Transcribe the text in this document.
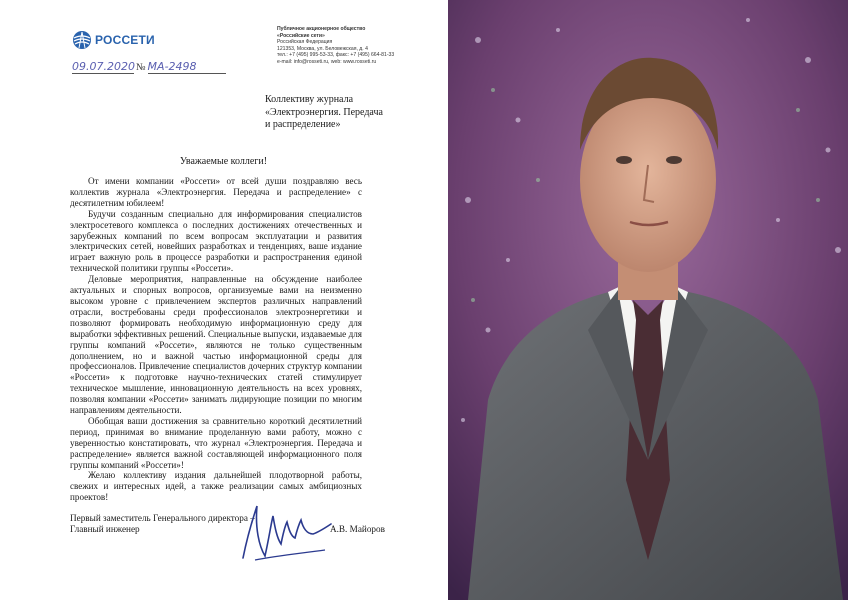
РОССЕТИ
Публичное акционерное общество
«Российские сети»
Российская Федерация
121353, Москва, ул. Беловежская, д. 4
тел.: +7 (495) 995-53-33, факс: +7 (495) 664-81-33
e-mail: info@rosseti.ru, web: www.rosseti.ru
09.07.2020№ МА-2498
Коллективу журнала
«Электроэнергия. Передача
и распределение»
Уважаемые коллеги!

От имени компании «Россети» от всей души поздравляю весь коллектив журнала «Электроэнергия. Передача и распределение» с десятилетним юбилеем!

Будучи созданным специально для информирования специалистов электросетевого комплекса о последних достижениях отечественных и зарубежных компаний по всем вопросам эксплуатации и развития электрических сетей, новейших разработках и тенденциях, ваше издание играет важную роль в процессе разработки и распространения единой технической политики группы «Россети».

Деловые мероприятия, направленные на обсуждение наиболее актуальных и спорных вопросов, организуемые вами на неизменно высоком уровне с привлечением экспертов различных направлений отрасли, востребованы среди профессионалов электроэнергетики и позволяют формировать необходимую информационную среду для выработки эффективных решений. Специальные выпуски, издаваемые для группы компаний «Россети», являются не только существенным дополнением, но и важной частью информационной среды для профессионалов. Привлечение специалистов дочерних структур компании «Россети» к подготовке научно-технических статей стимулирует техническое мышление, инновационную деятельность на всех уровнях, позволяя компании «Россети» занимать лидирующие позиции по многим направлениям деятельности.

Обобщая ваши достижения за сравнительно короткий десятилетний период, принимая во внимание проделанную вами работу, можно с уверенностью констатировать, что журнал «Электроэнергия. Передача и распределение» является важной составляющей информационного поля группы компаний «Россети»!

Желаю коллективу издания дальнейшей плодотворной работы, свежих и интересных идей, а также реализации самых амбициозных проектов!

Первый заместитель Генерального директора –
Главный инженер	А.В. Майоров
